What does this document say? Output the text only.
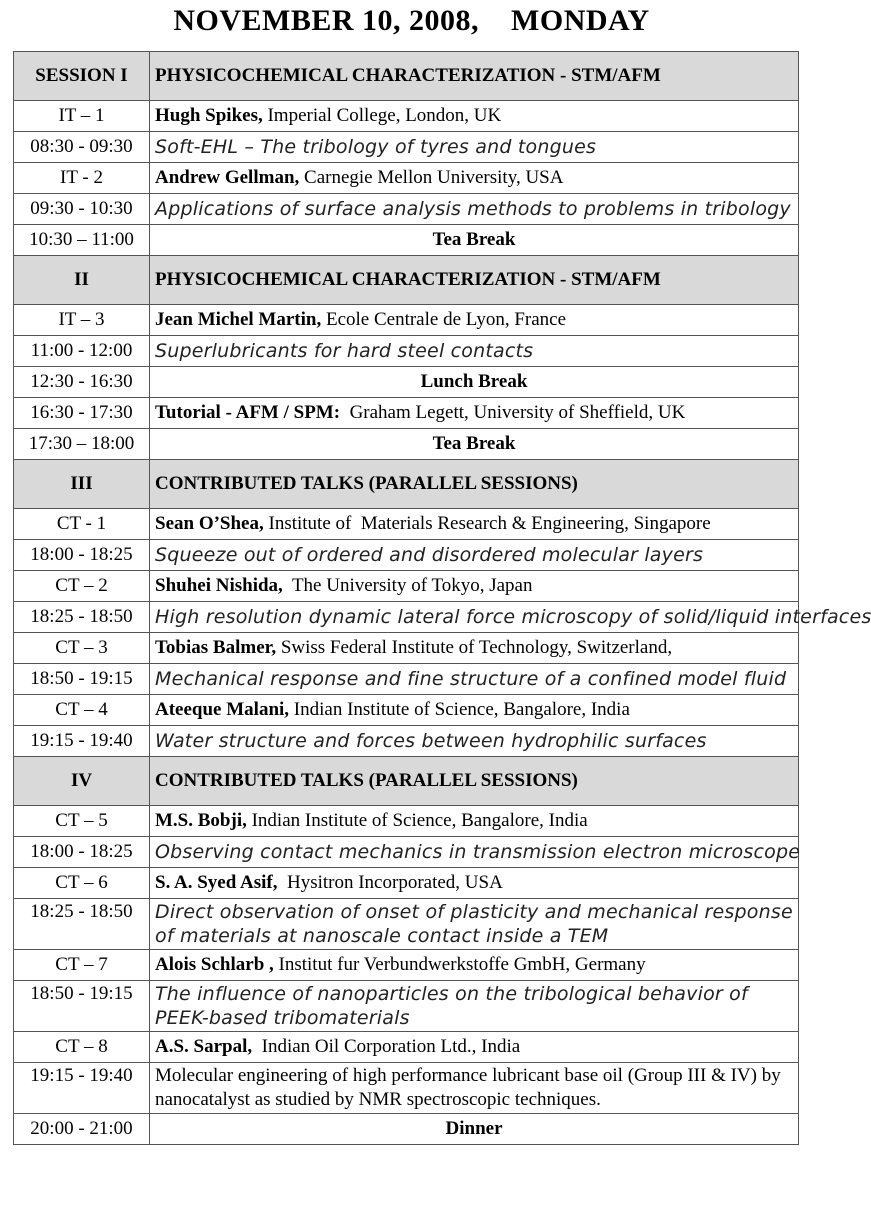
NOVEMBER 10, 2008,    MONDAY
SESSION I	PHYSICOCHEMICAL CHARACTERIZATION - STM/AFM
IT – 1	Hugh Spikes, Imperial College, London, UK
08:30 - 09:30	Soft-EHL – The tribology of tyres and tongues
IT - 2	Andrew Gellman, Carnegie Mellon University, USA
09:30 - 10:30	Applications of surface analysis methods to problems in tribology
10:30 – 11:00	Tea Break
II	PHYSICOCHEMICAL CHARACTERIZATION - STM/AFM
IT – 3	Jean Michel Martin, Ecole Centrale de Lyon, France
11:00 - 12:00	Superlubricants for hard steel contacts
12:30 - 16:30	Lunch Break
16:30 - 17:30	Tutorial - AFM / SPM:  Graham Legett, University of Sheffield, UK
17:30 – 18:00	Tea Break
III	CONTRIBUTED TALKS (PARALLEL SESSIONS)
CT - 1	Sean O’Shea, Institute of  Materials Research & Engineering, Singapore
18:00 - 18:25	Squeeze out of ordered and disordered molecular layers
CT – 2	Shuhei Nishida,  The University of Tokyo, Japan
18:25 - 18:50	High resolution dynamic lateral force microscopy of solid/liquid interfaces
CT – 3	Tobias Balmer, Swiss Federal Institute of Technology, Switzerland,
18:50 - 19:15	Mechanical response and fine structure of a confined model fluid
CT – 4	Ateeque Malani, Indian Institute of Science, Bangalore, India
19:15 - 19:40	Water structure and forces between hydrophilic surfaces
IV	CONTRIBUTED TALKS (PARALLEL SESSIONS)
CT – 5	M.S. Bobji, Indian Institute of Science, Bangalore, India
18:00 - 18:25	Observing contact mechanics in transmission electron microscope
CT – 6	S. A. Syed Asif,  Hysitron Incorporated, USA
18:25 - 18:50	Direct observation of onset of plasticity and mechanical response of materials at nanoscale contact inside a TEM
CT – 7	Alois Schlarb , Institut fur Verbundwerkstoffe GmbH, Germany
18:50 - 19:15	The influence of nanoparticles on the tribological behavior of PEEK-based tribomaterials
CT – 8	A.S. Sarpal,  Indian Oil Corporation Ltd., India
19:15 - 19:40	Molecular engineering of high performance lubricant base oil (Group III & IV) by nanocatalyst as studied by NMR spectroscopic techniques.
20:00 - 21:00	Dinner
